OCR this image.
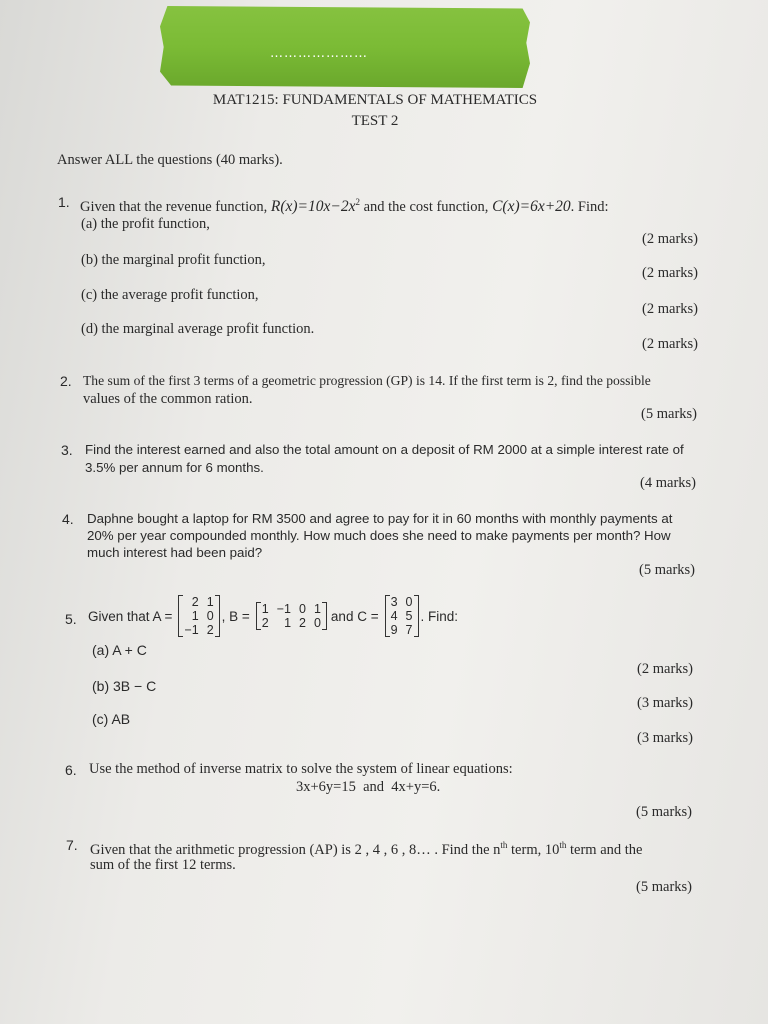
…………………
MAT1215: FUNDAMENTALS OF MATHEMATICS
TEST 2
Answer ALL the questions (40 marks).
1. Given that the revenue function, $R(x)=10x-2x^2$ and the cost function, C(x)=6x+20. Find:
(a) the profit function,
(2 marks)
(b) the marginal profit function,
(2 marks)
(c) the average profit function,
(2 marks)
(d) the marginal average profit function.
(2 marks)
2. The sum of the first 3 terms of a geometric progression (GP) is 14. If the first term is 2, find the possible
values of the common ration.
(5 marks)
3. Find the interest earned and also the total amount on a deposit of RM 2000 at a simple interest rate of
3.5% per annum for 6 months.
(4 marks)
4. Daphne bought a laptop for RM 3500 and agree to pay for it in 60 months with monthly payments at
20% per year compounded monthly. How much does she need to make payments per month? How
much interest had been paid?
(5 marks)
5. Given that A =
2	1
1	0
−1	2
, B = 1	−1	0	1
2	1	2	0 and C =
3	0
4	5
9	7
. Find:
(a) A + C
(2 marks)
(b) 3B − C
(3 marks)
(c) AB
(3 marks)
6. Use the method of inverse matrix to solve the system of linear equations:
3x+6y=15  and  4x+y=6.
(5 marks)
7. Given that the arithmetic progression (AP) is 2 , 4 , 6 , 8… . Find the $n^{th}$ term, 10th term and the
sum of the first 12 terms.
(5 marks)
